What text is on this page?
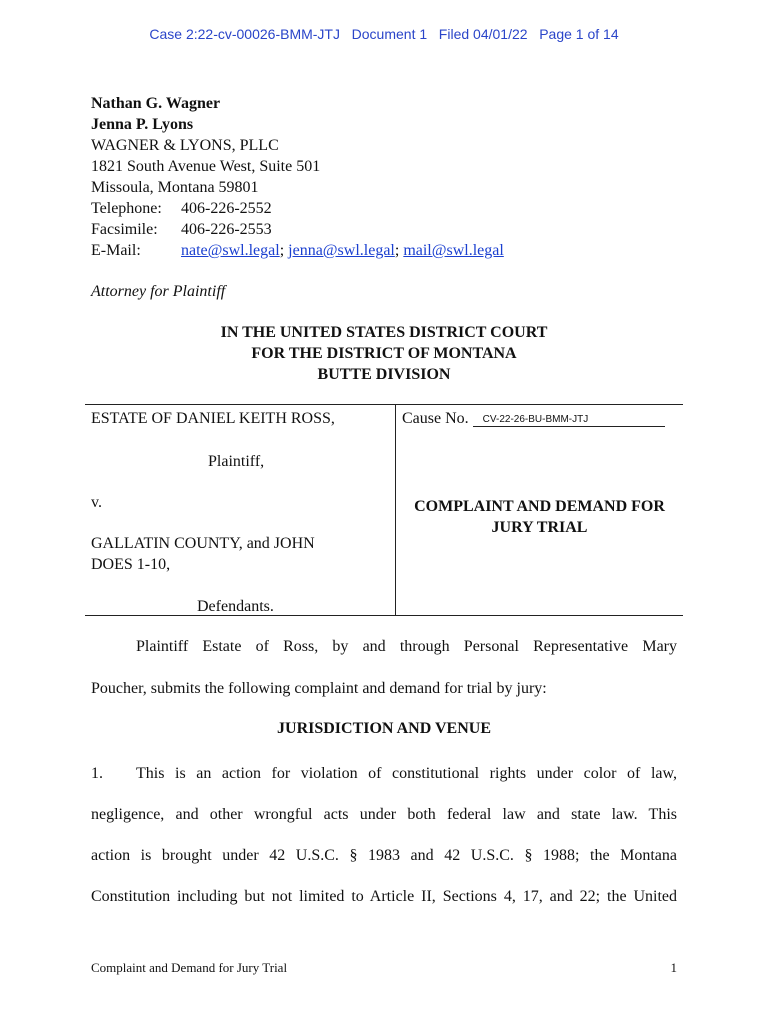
Case 2:22-cv-00026-BMM-JTJ   Document 1   Filed 04/01/22   Page 1 of 14
Nathan G. Wagner
Jenna P. Lyons
WAGNER & LYONS, PLLC
1821 South Avenue West, Suite 501
Missoula, Montana 59801
Telephone: 406-226-2552
Facsimile: 406-226-2553
E-Mail:	nate@swl.legal; jenna@swl.legal; mail@swl.legal
Attorney for Plaintiff
IN THE UNITED STATES DISTRICT COURT
FOR THE DISTRICT OF MONTANA
BUTTE DIVISION
ESTATE OF DANIEL KEITH ROSS,
Plaintiff,
v.
GALLATIN COUNTY, and JOHN
DOES 1-10,
Defendants.
Cause No. CV-22-26-BU-BMM-JTJ
COMPLAINT AND DEMAND FOR
JURY TRIAL
Plaintiff Estate of Ross, by and through Personal Representative Mary
Poucher, submits the following complaint and demand for trial by jury:
JURISDICTION AND VENUE
1. This is an action for violation of constitutional rights under color of law,
negligence, and other wrongful acts under both federal law and state law. This
action is brought under 42 U.S.C. § 1983 and 42 U.S.C. § 1988; the Montana
Constitution including but not limited to Article II, Sections 4, 17, and 22; the United
Complaint and Demand for Jury Trial	1
